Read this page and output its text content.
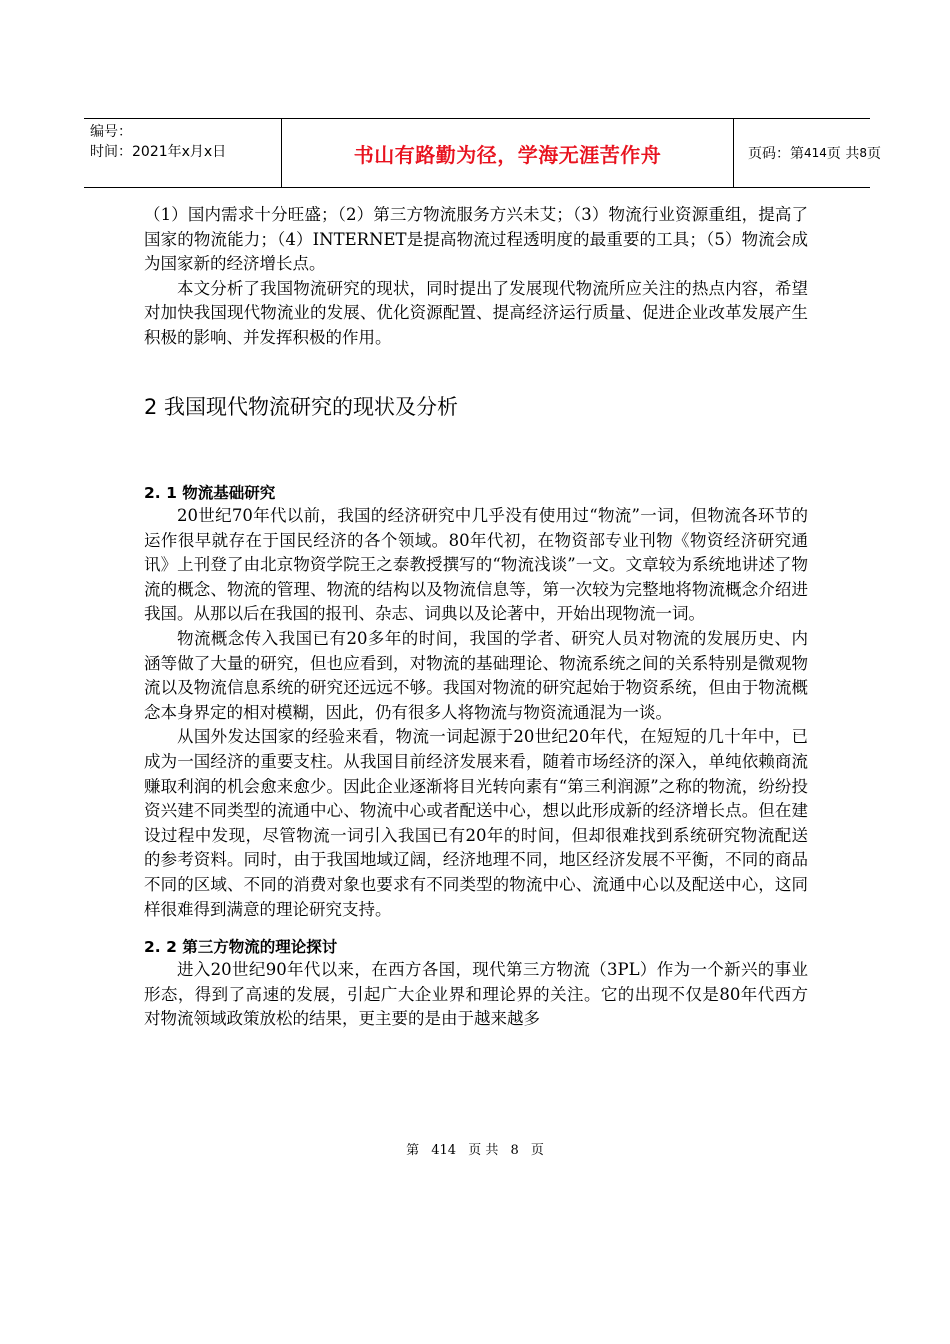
编号：
时间：2021年x月x日	书山有路勤为径，学海无涯苦作舟	页码：第 414 页 共 8 页

（1）国内需求十分旺盛；（2）第三方物流服务方兴未艾；（3）物流行业资源重组，提高了国家的物流能力；（4）INTERNET是提高物流过程透明度的最重要的工具；（5）物流会成为国家新的经济增长点。

本文分析了我国物流研究的现状，同时提出了发展现代物流所应关注的热点内容，希望对加快我国现代物流业的发展、优化资源配置、提高经济运行质量、促进企业改革发展产生积极的影响、并发挥积极的作用。

2 我国现代物流研究的现状及分析
2. 1 物流基础研究

20世纪70年代以前，我国的经济研究中几乎没有使用过“物流”一词，但物流各环节的运作很早就存在于国民经济的各个领域。80年代初，在物资部专业刊物《物资经济研究通讯》上刊登了由北京物资学院王之泰教授撰写的“物流浅谈”一文。文章较为系统地讲述了物流的概念、物流的管理、物流的结构以及物流信息等，第一次较为完整地将物流概念介绍进我国。从那以后在我国的报刊、杂志、词典以及论著中，开始出现物流一词。

物流概念传入我国已有20多年的时间，我国的学者、研究人员对物流的发展历史、内涵等做了大量的研究，但也应看到，对物流的基础理论、物流系统之间的关系特别是微观物流以及物流信息系统的研究还远远不够。我国对物流的研究起始于物资系统，但由于物流概念本身界定的相对模糊，因此，仍有很多人将物流与物资流通混为一谈。

从国外发达国家的经验来看，物流一词起源于20世纪20年代，在短短的几十年中，已成为一国经济的重要支柱。从我国目前经济发展来看，随着市场经济的深入，单纯依赖商流赚取利润的机会愈来愈少。因此企业逐渐将目光转向素有“第三利润源”之称的物流，纷纷投资兴建不同类型的流通中心、物流中心或者配送中心，想以此形成新的经济增长点。但在建设过程中发现，尽管物流一词引入我国已有20年的时间，但却很难找到系统研究物流配送的参考资料。同时，由于我国地域辽阔，经济地理不同，地区经济发展不平衡，不同的商品不同的区域、不同的消费对象也要求有不同类型的物流中心、流通中心以及配送中心，这同样很难得到满意的理论研究支持。

2. 2 第三方物流的理论探讨

进入20世纪90年代以来，在西方各国，现代第三方物流（3PL）作为一个新兴的事业形态，得到了高速的发展，引起广大企业界和理论界的关注。它的出现不仅是80年代西方对物流领域政策放松的结果，更主要的是由于越来越多

第 414 页 共 8 页
